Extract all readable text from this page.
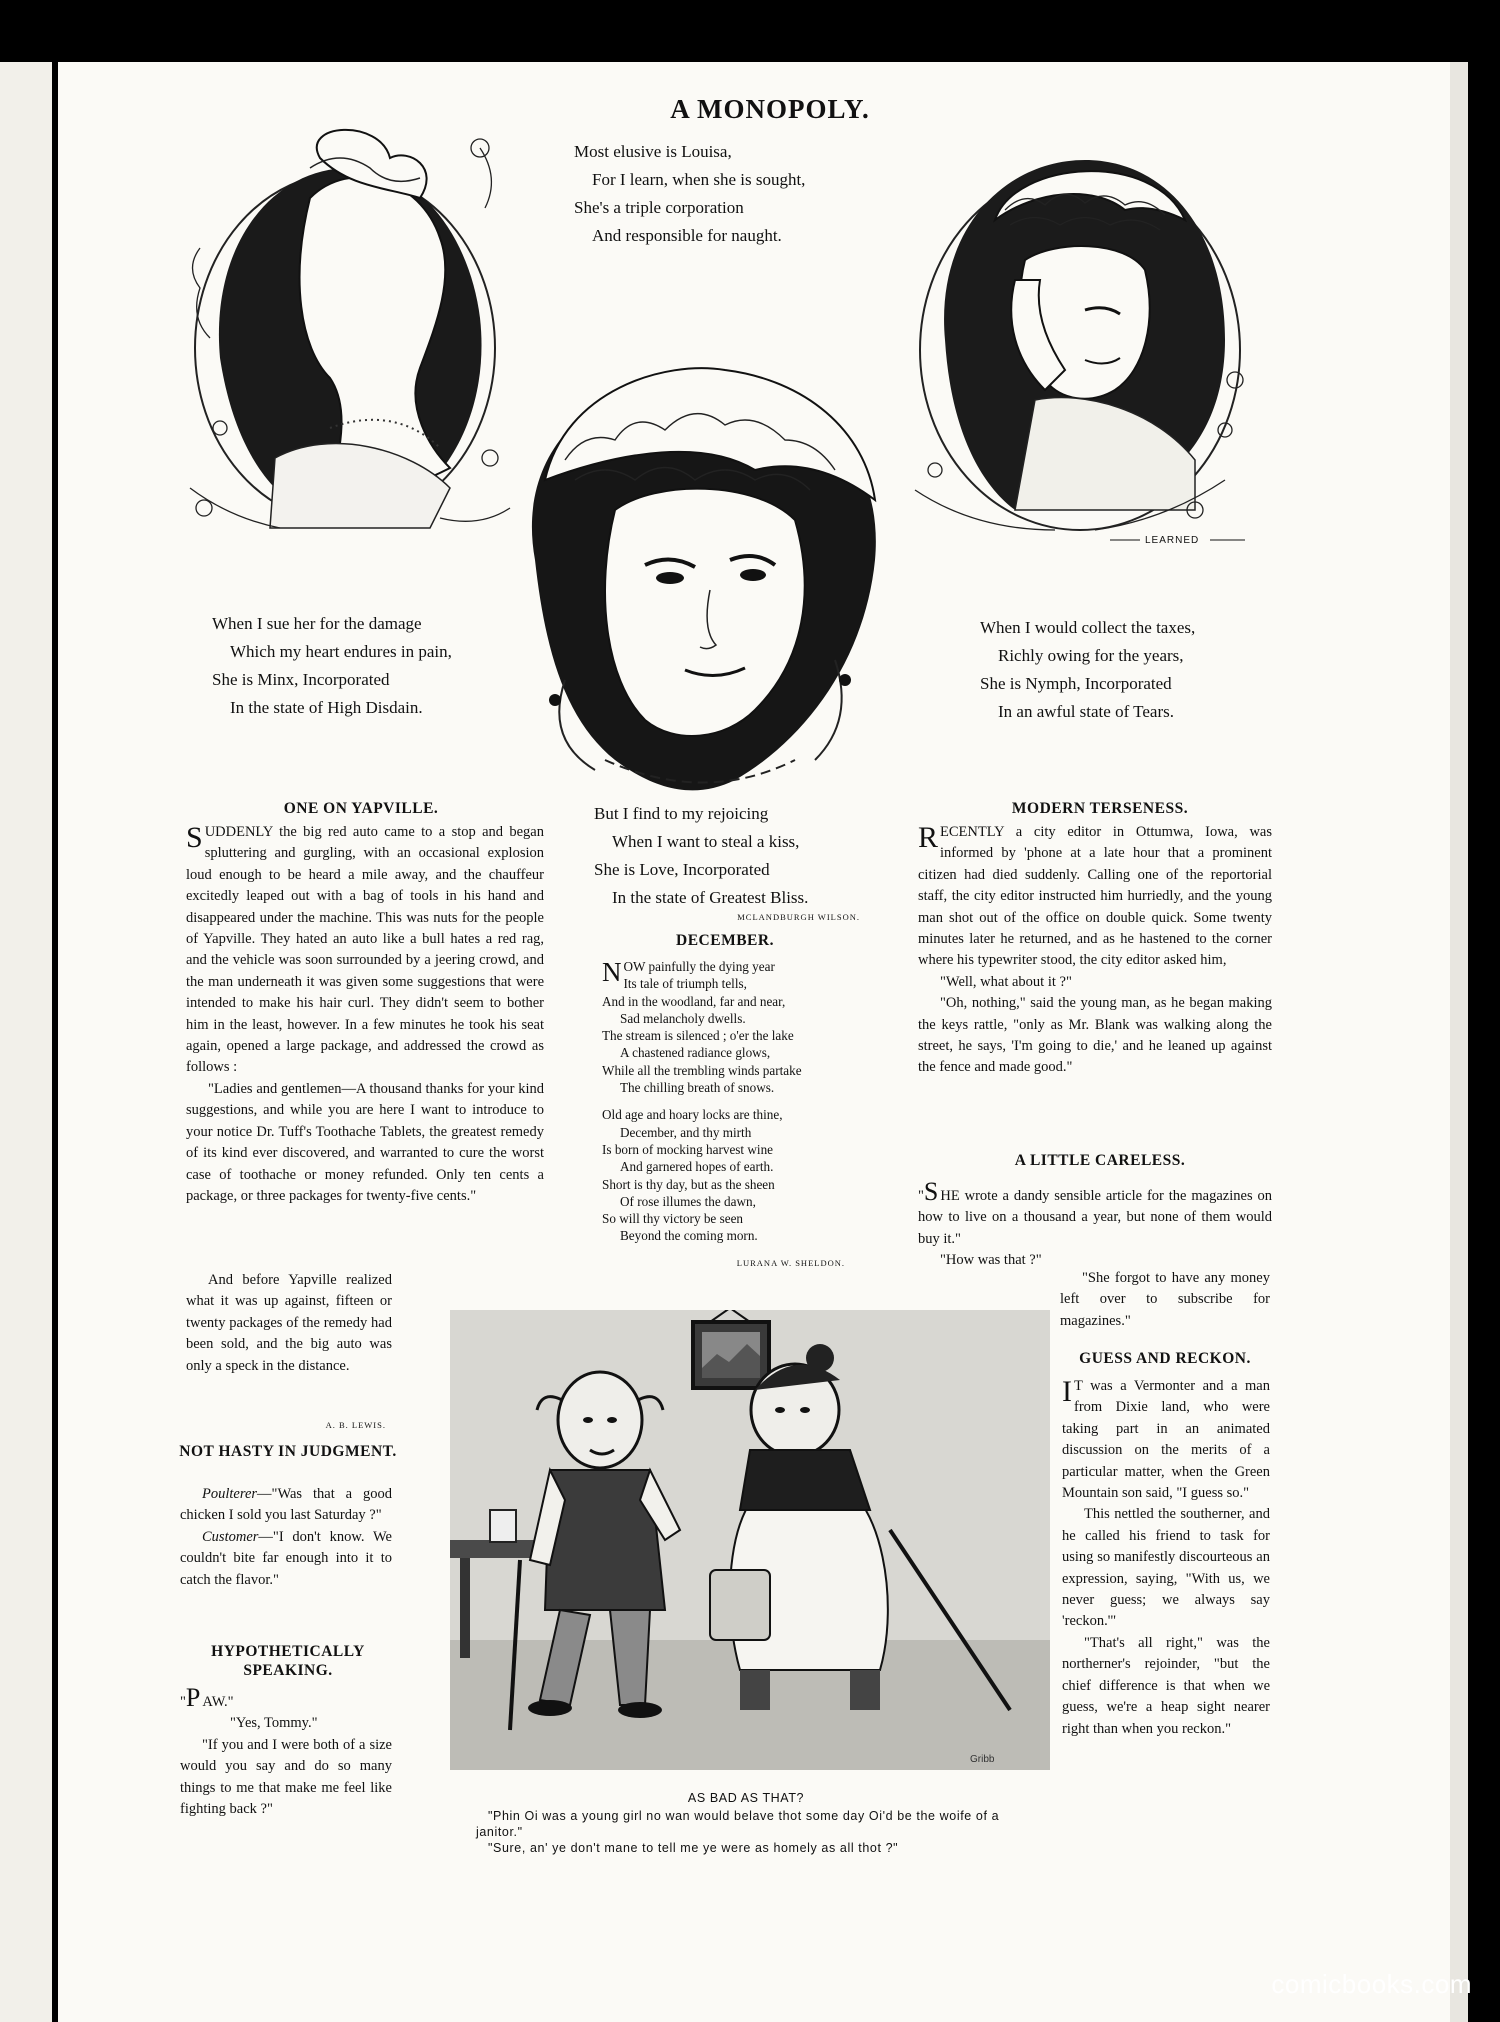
A MONOPOLY.
Most elusive is Louisa,
For I learn, when she is sought,
She's a triple corporation
And responsible for naught.
LEARNED
When I sue her for the damage
Which my heart endures in pain,
She is Minx, Incorporated
In the state of High Disdain.
When I would collect the taxes,
Richly owing for the years,
She is Nymph, Incorporated
In an awful state of Tears.
But I find to my rejoicing
When I want to steal a kiss,
She is Love, Incorporated
In the state of Greatest Bliss.
MCLANDBURGH WILSON.
ONE ON YAPVILLE.
S UDDENLY the big red auto came to a stop and began spluttering and gurgling, with an occasional explosion loud enough to be heard a mile away, and the chauffeur excitedly leaped out with a bag of tools in his hand and disappeared under the machine. This was nuts for the people of Yapville. They hated an auto like a bull hates a red rag, and the vehicle was soon surrounded by a jeering crowd, and the man underneath it was given some suggestions that were intended to make his hair curl. They didn't seem to bother him in the least, however. In a few minutes he took his seat again, opened a large package, and addressed the crowd as follows :

"Ladies and gentlemen—A thousand thanks for your kind suggestions, and while you are here I want to introduce to your notice Dr. Tuff's Toothache Tablets, the greatest remedy of its kind ever discovered, and warranted to cure the worst case of toothache or money refunded. Only ten cents a package, or three packages for twenty-five cents."

And before Yapville realized what it was up against, fifteen or twenty packages of the remedy had been sold, and the big auto was only a speck in the distance.

A. B. LEWIS.
NOT HASTY IN JUDGMENT.

Poulterer—"Was that a good chicken I sold you last Saturday ?"

Customer—"I don't know. We couldn't bite far enough into it to catch the flavor."

HYPOTHETICALLY SPEAKING.

"P AW."

"Yes, Tommy."

"If you and I were both of a size would you say and do so many things to me that make me feel like fighting back ?"

DECEMBER.
NOW painfully the dying year
Its tale of triumph tells,
And in the woodland, far and near,
Sad melancholy dwells.
The stream is silenced ; o'er the lake
A chastened radiance glows,
While all the trembling winds partake
The chilling breath of snows.
Old age and hoary locks are thine,
December, and thy mirth
Is born of mocking harvest wine
And garnered hopes of earth.
Short is thy day, but as the sheen
Of rose illumes the dawn,
So will thy victory be seen
Beyond the coming morn.
LURANA W. SHELDON.
MODERN TERSENESS.
R ECENTLY a city editor in Ottumwa, Iowa, was informed by 'phone at a late hour that a prominent citizen had died suddenly. Calling one of the reportorial staff, the city editor instructed him hurriedly, and the young man shot out of the office on double quick. Some twenty minutes later he returned, and as he hastened to the corner where his typewriter stood, the city editor asked him,

"Well, what about it ?"

"Oh, nothing," said the young man, as he began making the keys rattle, "only as Mr. Blank was walking along the street, he says, 'I'm going to die,' and he leaned up against the fence and made good."

A LITTLE CARELESS.

"S HE wrote a dandy sensible article for the magazines on how to live on a thousand a year, but none of them would buy it."

"How was that ?"

"She forgot to have any money left over to subscribe for magazines."

GUESS AND RECKON.
I T was a Vermonter and a man from Dixie land, who were taking part in an animated discussion on the merits of a particular matter, when the Green Mountain son said, "I guess so."

This nettled the southerner, and he called his friend to task for using so manifestly discourteous an expression, saying, "With us, we never guess; we always say 'reckon.'"

"That's all right," was the northerner's rejoinder, "but the chief difference is that when we guess, we're a heap sight nearer right than when you reckon."

Gribb
AS BAD AS THAT?
"Phin Oi was a young girl no wan would belave thot some day Oi'd be the woife of a janitor."
"Sure, an' ye don't mane to tell me ye were as homely as all thot ?"
comicbooks.com
